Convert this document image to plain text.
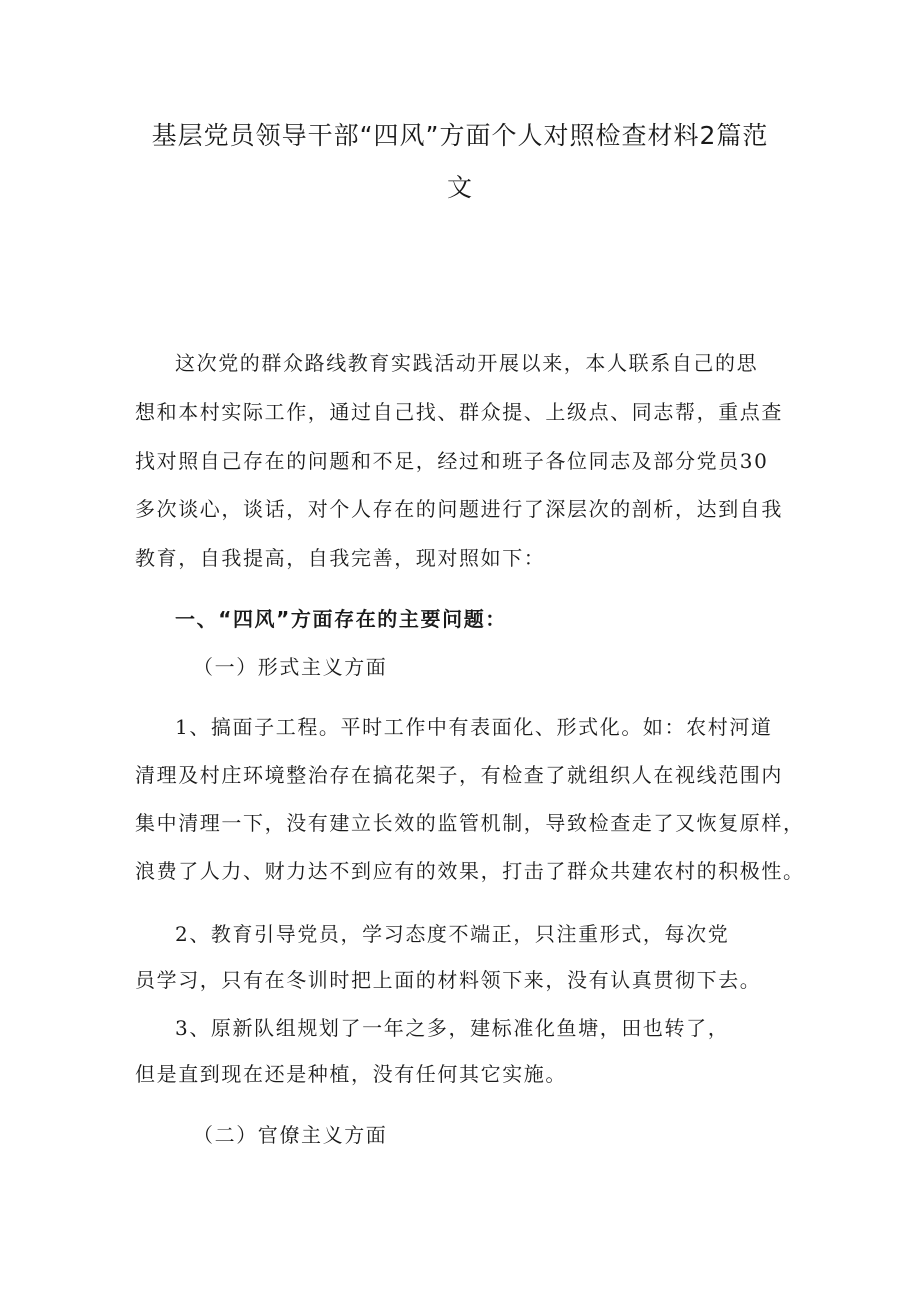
基层党员领导干部“四风”方面个人对照检查材料2篇范
文

这次党的群众路线教育实践活动开展以来，本人联系自己的思

想和本村实际工作，通过自己找、群众提、上级点、同志帮，重点查

找对照自己存在的问题和不足，经过和班子各位同志及部分党员30

多次谈心，谈话，对个人存在的问题进行了深层次的剖析，达到自我

教育，自我提高，自我完善，现对照如下：

一、“四风”方面存在的主要问题：

（一）形式主义方面

1、搞面子工程。平时工作中有表面化、形式化。如：农村河道

清理及村庄环境整治存在搞花架子，有检查了就组织人在视线范围内

集中清理一下，没有建立长效的监管机制，导致检查走了又恢复原样，

浪费了人力、财力达不到应有的效果，打击了群众共建农村的积极性。

2、教育引导党员，学习态度不端正，只注重形式，每次党

员学习，只有在冬训时把上面的材料领下来，没有认真贯彻下去。

3、原新队组规划了一年之多，建标准化鱼塘，田也转了，

但是直到现在还是种植，没有任何其它实施。

（二）官僚主义方面
